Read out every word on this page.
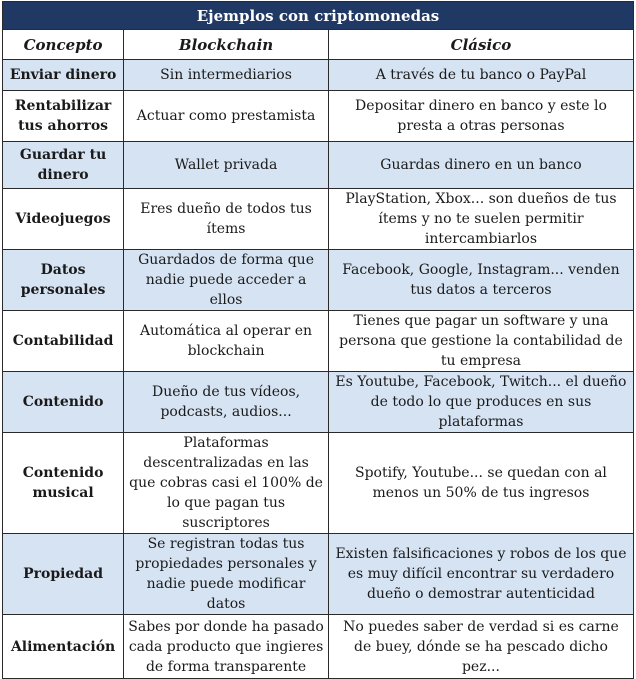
Ejemplos con criptomonedas		
Concepto	Blockchain	Clásico
Enviar dinero	Sin intermediarios	A través de tu banco o PayPal
Rentabilizar tus ahorros	Actuar como prestamista	Depositar dinero en banco y este lo presta a otras personas
Guardar tu dinero	Wallet privada	Guardas dinero en un banco
Videojuegos	Eres dueño de todos tus ítems	PlayStation, Xbox... son dueños de tus ítems y no te suelen permitir intercambiarlos
Datos personales	Guardados de forma que nadie puede acceder a ellos	Facebook, Google, Instagram... venden tus datos a terceros
Contabilidad	Automática al operar en blockchain	Tienes que pagar un software y una persona que gestione la contabilidad de tu empresa
Contenido	Dueño de tus vídeos, podcasts, audios...	Es Youtube, Facebook, Twitch... el dueño de todo lo que produces en sus plataformas
Contenido musical	Plataformas descentralizadas en las que cobras casi el 100% de lo que pagan tus suscriptores	Spotify, Youtube... se quedan con al menos un 50% de tus ingresos
Propiedad	Se registran todas tus propiedades personales y nadie puede modificar datos	Existen falsificaciones y robos de los que es muy difícil encontrar su verdadero dueño o demostrar autenticidad
Alimentación	Sabes por donde ha pasado cada producto que ingieres de forma transparente	No puedes saber de verdad si es carne de buey, dónde se ha pescado dicho pez...
